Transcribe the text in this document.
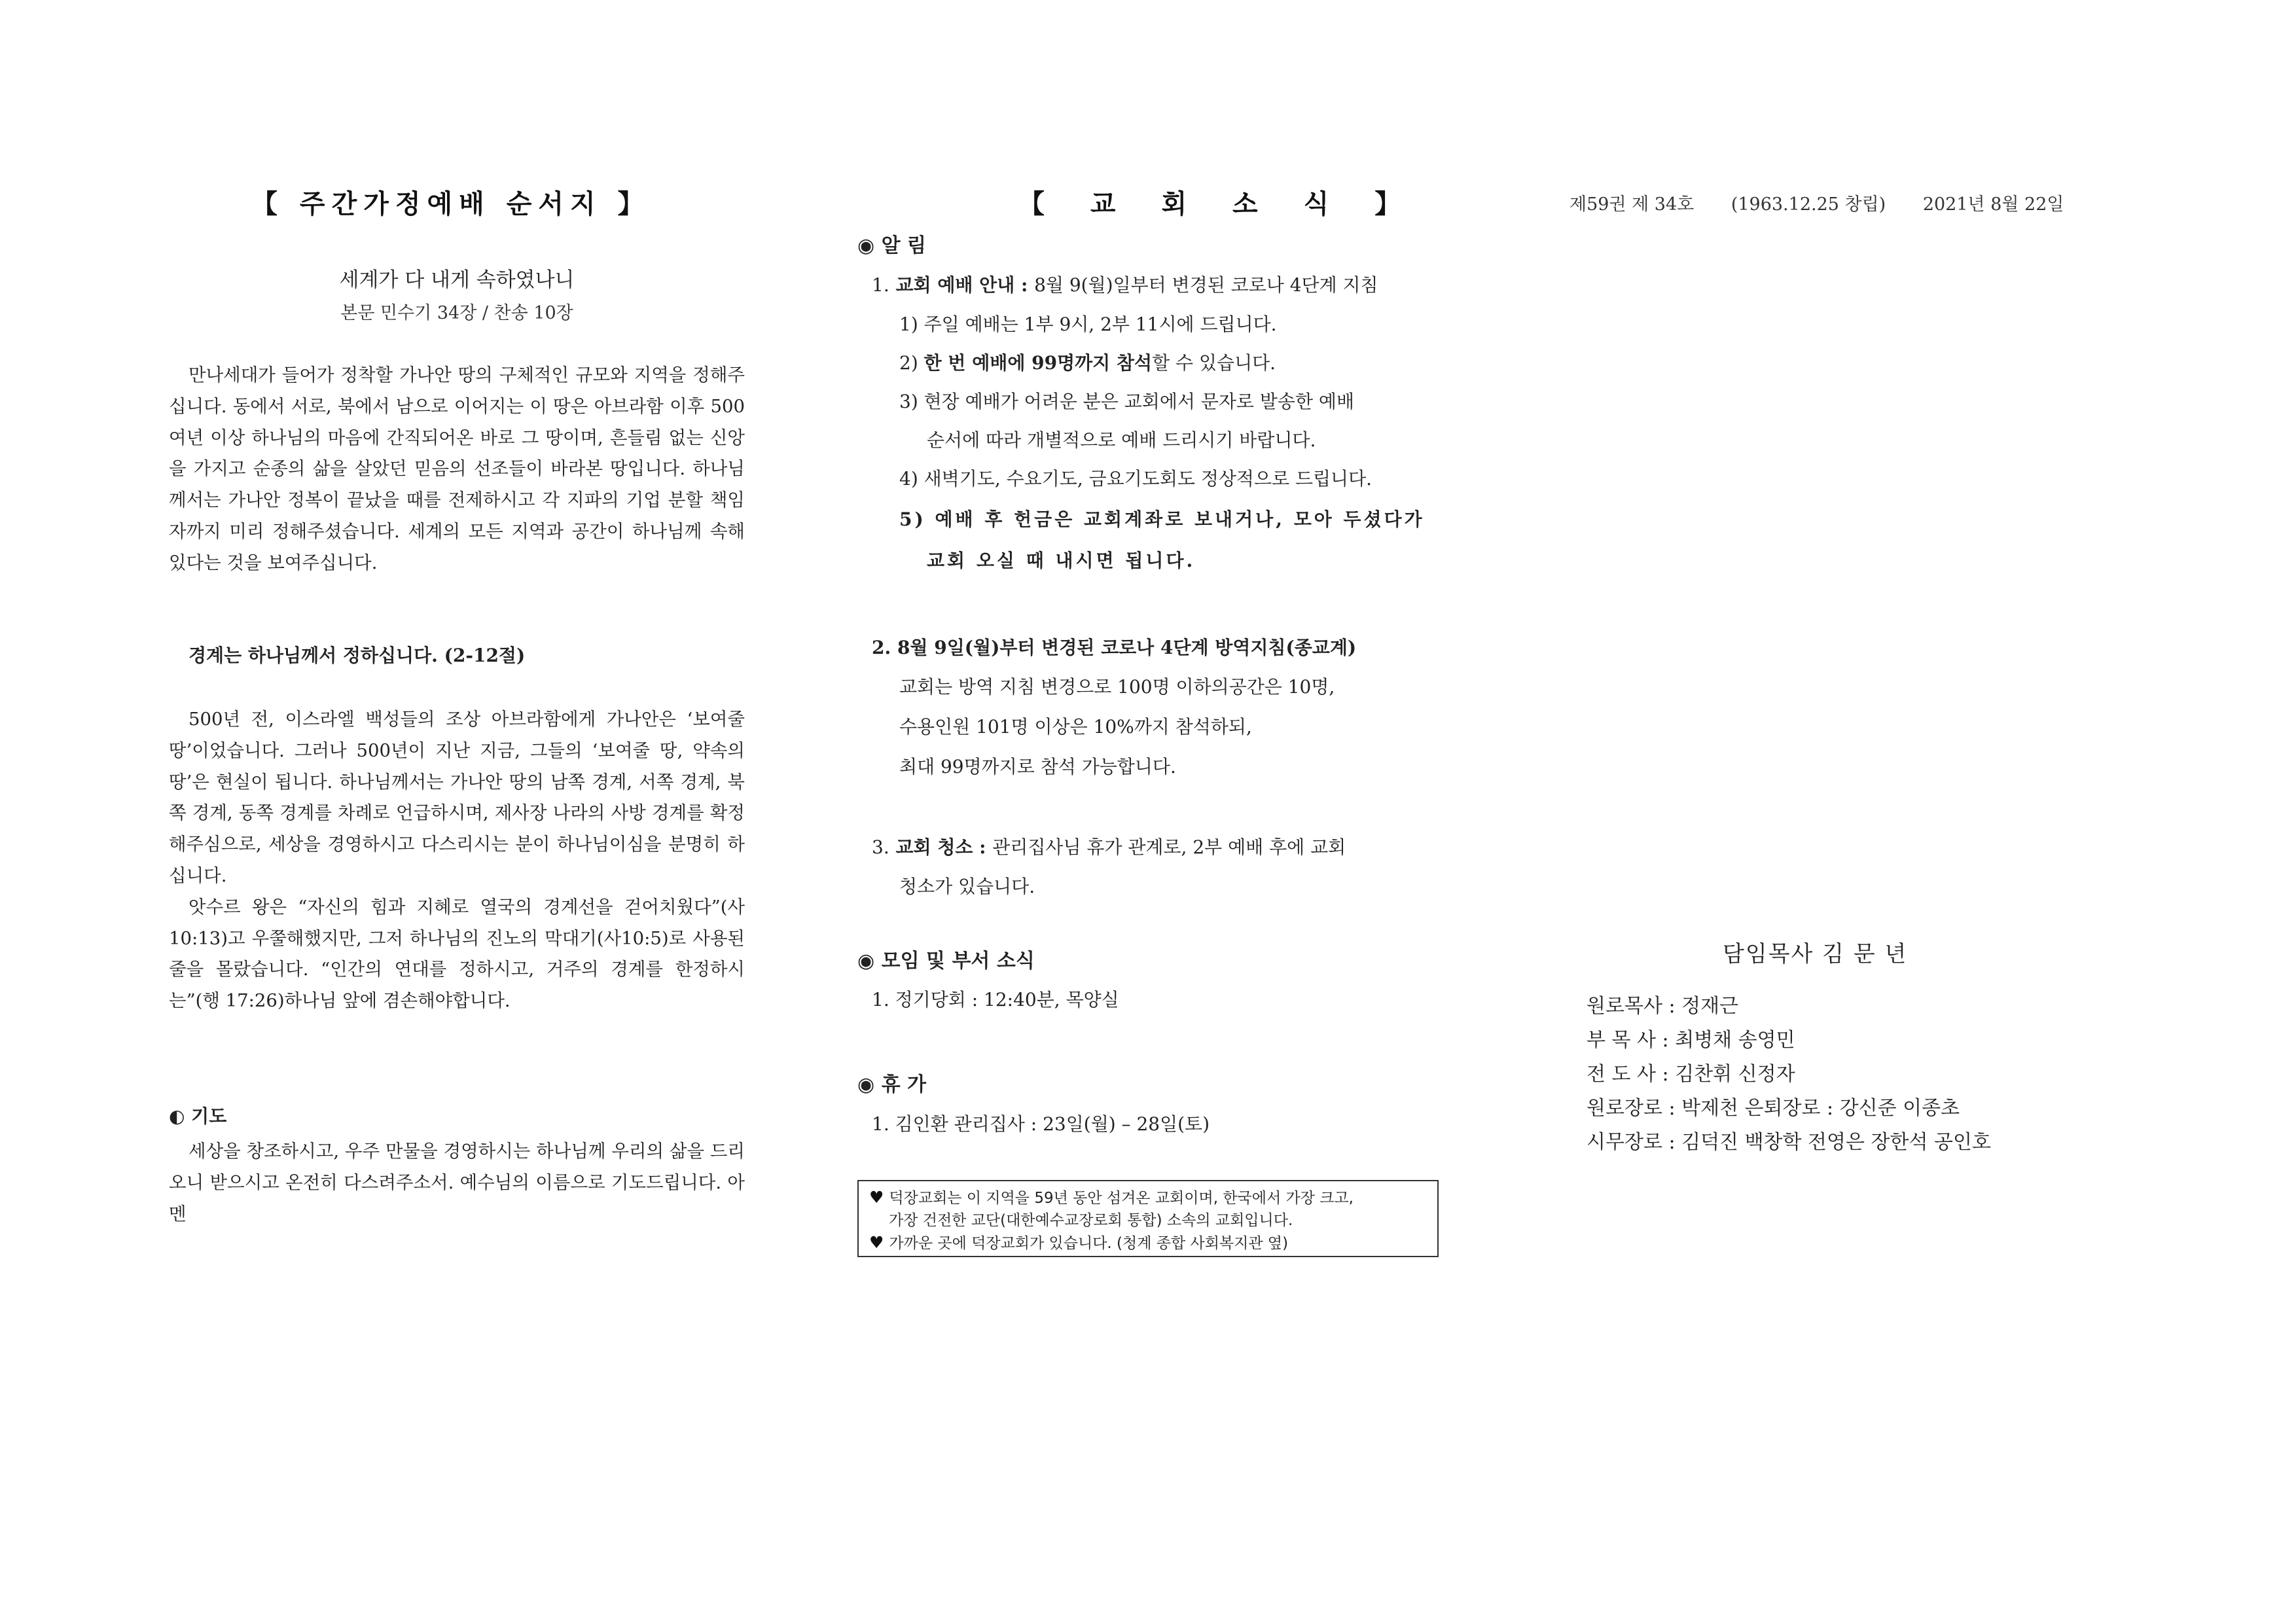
【 주간가정예배 순서지 】
세계가 다 내게 속하였나니
본문 민수기 34장 / 찬송 10장

만나세대가 들어가 정착할 가나안 땅의 구체적인 규모와 지역을 정해주십니다. 동에서 서로, 북에서 남으로 이어지는 이 땅은 아브라함 이후 500여년 이상 하나님의 마음에 간직되어온 바로 그 땅이며, 흔들림 없는 신앙을 가지고 순종의 삶을 살았던 믿음의 선조들이 바라본 땅입니다. 하나님께서는 가나안 정복이 끝났을 때를 전제하시고 각 지파의 기업 분할 책임자까지 미리 정해주셨습니다. 세계의 모든 지역과 공간이 하나님께 속해 있다는 것을 보여주십니다.

경계는 하나님께서 정하십니다. (2-12절)

500년 전, 이스라엘 백성들의 조상 아브라함에게 가나안은 ‘보여줄 땅’이었습니다. 그러나 500년이 지난 지금, 그들의 ‘보여줄 땅, 약속의 땅’은 현실이 됩니다. 하나님께서는 가나안 땅의 남쪽 경계, 서쪽 경계, 북쪽 경계, 동쪽 경계를 차례로 언급하시며, 제사장 나라의 사방 경계를 확정해주심으로, 세상을 경영하시고 다스리시는 분이 하나님이심을 분명히 하십니다.
앗수르 왕은 “자신의 힘과 지혜로 열국의 경계선을 걷어치웠다”(사 10:13)고 우쭐해했지만, 그저 하나님의 진노의 막대기(사10:5)로 사용된 줄을 몰랐습니다. “인간의 연대를 정하시고, 거주의 경계를 한정하시는”(행 17:26)하나님 앞에 겸손해야합니다.

◐ 기도

세상을 창조하시고, 우주 만물을 경영하시는 하나님께 우리의 삶을 드리오니 받으시고 온전히 다스려주소서. 예수님의 이름으로 기도드립니다. 아멘

【 교 회 소 식 】
◉ 알 림
1. 교회 예배 안내 : 8월 9(월)일부터 변경된 코로나 4단계 지침
1) 주일 예배는 1부 9시, 2부 11시에 드립니다.
2) 한 번 예배에 99명까지 참석할 수 있습니다.
3) 현장 예배가 어려운 분은 교회에서 문자로 발송한 예배
순서에 따라 개별적으로 예배 드리시기 바랍니다.
4) 새벽기도, 수요기도, 금요기도회도 정상적으로 드립니다.
5) 예배 후 헌금은 교회계좌로 보내거나, 모아 두셨다가
교회 오실 때 내시면 됩니다.
2. 8월 9일(월)부터 변경된 코로나 4단계 방역지침(종교계)
교회는 방역 지침 변경으로 100명 이하의공간은 10명,
수용인원 101명 이상은 10%까지 참석하되,
최대 99명까지로 참석 가능합니다.
3. 교회 청소 : 관리집사님 휴가 관계로, 2부 예배 후에 교회
청소가 있습니다.
◉ 모임 및 부서 소식
1. 정기당회 : 12:40분, 목양실
◉ 휴 가
1. 김인환 관리집사 : 23일(월) – 28일(토)
♥ 덕장교회는 이 지역을 59년 동안 섬겨온 교회이며, 한국에서 가장 크고,
가장 건전한 교단(대한예수교장로회 통합) 소속의 교회입니다.
♥ 가까운 곳에 덕장교회가 있습니다. (청계 종합 사회복지관 옆)
제59권 제 34호 (1963.12.25 창립) 2021년 8월 22일
담임목사 김 문 년
원로목사 : 정재근
부 목 사 : 최병채 송영민
전 도 사 : 김찬휘 신정자
원로장로 : 박제천 은퇴장로 : 강신준 이종초
시무장로 : 김덕진 백창학 전영은 장한석 공인호
